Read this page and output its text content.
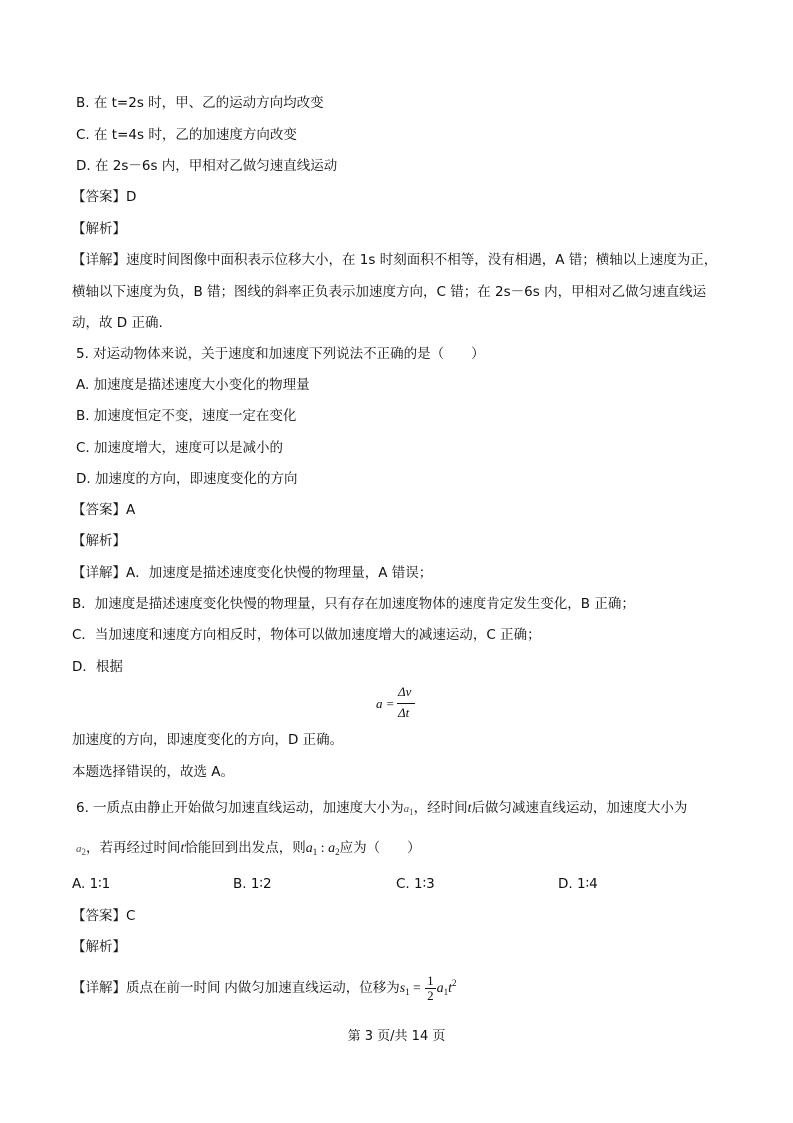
B. 在 t=2s 时，甲、乙的运动方向均改变
C. 在 t=4s 时，乙的加速度方向改变
D. 在 2s－6s 内，甲相对乙做匀速直线运动
【答案】D
【解析】
【详解】速度时间图像中面积表示位移大小，在 1s 时刻面积不相等，没有相遇，A 错；横轴以上速度为正，
横轴以下速度为负，B 错；图线的斜率正负表示加速度方向，C 错；在 2s－6s 内，甲相对乙做匀速直线运
动，故 D 正确.
5. 对运动物体来说，关于速度和加速度下列说法不正确的是（　　）
A. 加速度是描述速度大小变化的物理量
B. 加速度恒定不变，速度一定在变化
C. 加速度增大，速度可以是减小的
D. 加速度的方向，即速度变化的方向
【答案】A
【解析】
【详解】A．加速度是描述速度变化快慢的物理量，A 错误；
B．加速度是描述速度变化快慢的物理量，只有存在加速度物体的速度肯定发生变化，B 正确；
C．当加速度和速度方向相反时，物体可以做加速度增大的减速运动，C 正确；
D．根据
a =
Δv
Δt
加速度的方向，即速度变化的方向，D 正确。
本题选择错误的，故选 A。
6. 一质点由静止开始做匀加速直线运动，加速度大小为$a_1$，经时间t后做匀减速直线运动，加速度大小为
$a_2$，若再经过时间t恰能回到出发点，则$a_1$ : $a_2$应为（　　）
A. 1∶1	B. 1∶2	C. 1∶3	D. 1∶4
【答案】C
【解析】
【详解】质点在前一时间t内做匀加速直线运动，位移为$s_1 = \frac{1}{2} a_1t^2$
第 3 页/共 14 页
